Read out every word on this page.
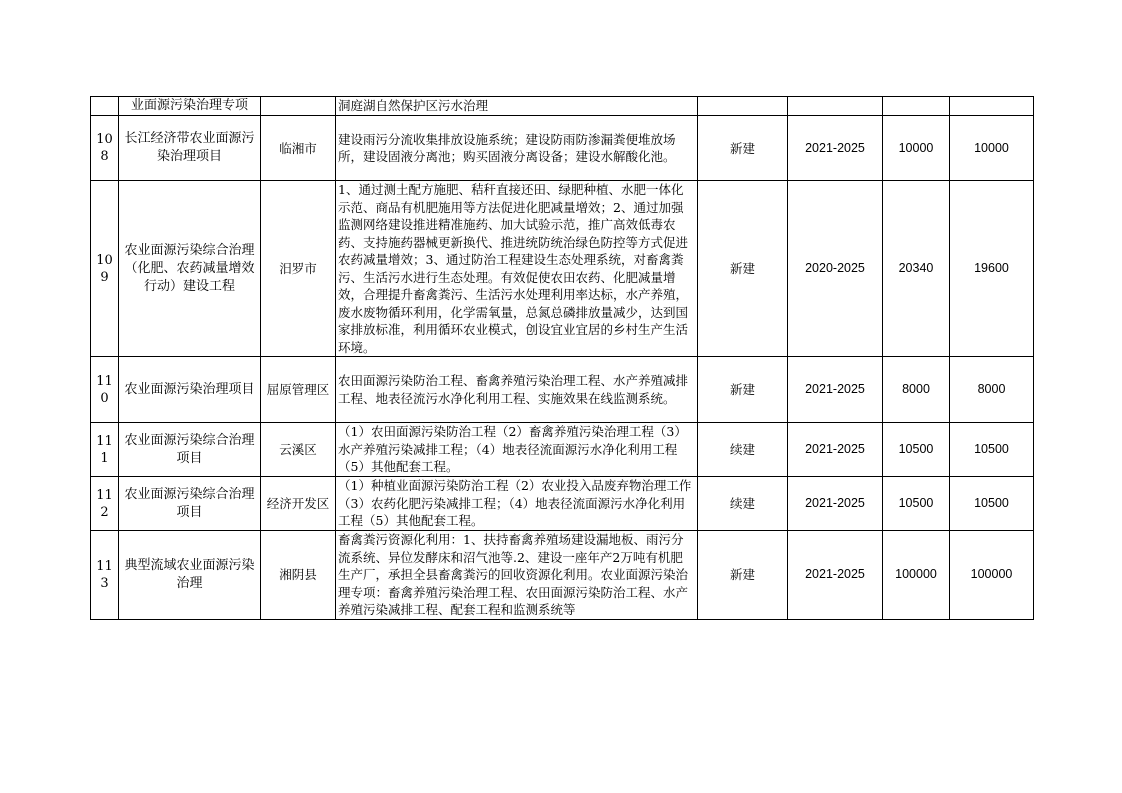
	业面源污染治理专项		洞庭湖自然保护区污水治理				
108	长江经济带农业面源污染治理项目	临湘市	建设雨污分流收集排放设施系统；建设防雨防渗漏粪便堆放场所，建设固液分离池；购买固液分离设备；建设水解酸化池。	新建	2021-2025	10000	10000
109	农业面源污染综合治理（化肥、农药减量增效行动）建设工程	汨罗市	1、通过测土配方施肥、秸秆直接还田、绿肥种植、水肥一体化示范、商品有机肥施用等方法促进化肥减量增效；2、通过加强监测网络建设推进精准施药、加大试验示范，推广高效低毒农药、支持施药器械更新换代、推进统防统治绿色防控等方式促进农药减量增效；3、通过防治工程建设生态处理系统，对畜禽粪污、生活污水进行生态处理。有效促使农田农药、化肥减量增效，合理提升畜禽粪污、生活污水处理利用率达标，水产养殖，废水废物循环利用，化学需氧量，总氮总磷排放量减少，达到国家排放标准，利用循环农业模式，创设宜业宜居的乡村生产生活环境。	新建	2020-2025	20340	19600
110	农业面源污染治理项目	屈原管理区	农田面源污染防治工程、畜禽养殖污染治理工程、水产养殖减排工程、地表径流污水净化利用工程、实施效果在线监测系统。	新建	2021-2025	8000	8000
111	农业面源污染综合治理项目	云溪区	（1）农田面源污染防治工程（2）畜禽养殖污染治理工程（3）水产养殖污染减排工程；（4）地表径流面源污水净化利用工程（5）其他配套工程。	续建	2021-2025	10500	10500
112	农业面源污染综合治理项目	经济开发区	（1）种植业面源污染防治工程（2）农业投入品废弃物治理工作（3）农药化肥污染减排工程；（4）地表径流面源污水净化利用工程（5）其他配套工程。	续建	2021-2025	10500	10500
113	典型流域农业面源污染治理	湘阴县	畜禽粪污资源化利用：1、扶持畜禽养殖场建设漏地板、雨污分流系统、异位发酵床和沼气池等.2、建设一座年产2万吨有机肥生产厂，承担全县畜禽粪污的回收资源化利用。农业面源污染治理专项：畜禽养殖污染治理工程、农田面源污染防治工程、水产养殖污染减排工程、配套工程和监测系统等	新建	2021-2025	100000	100000
